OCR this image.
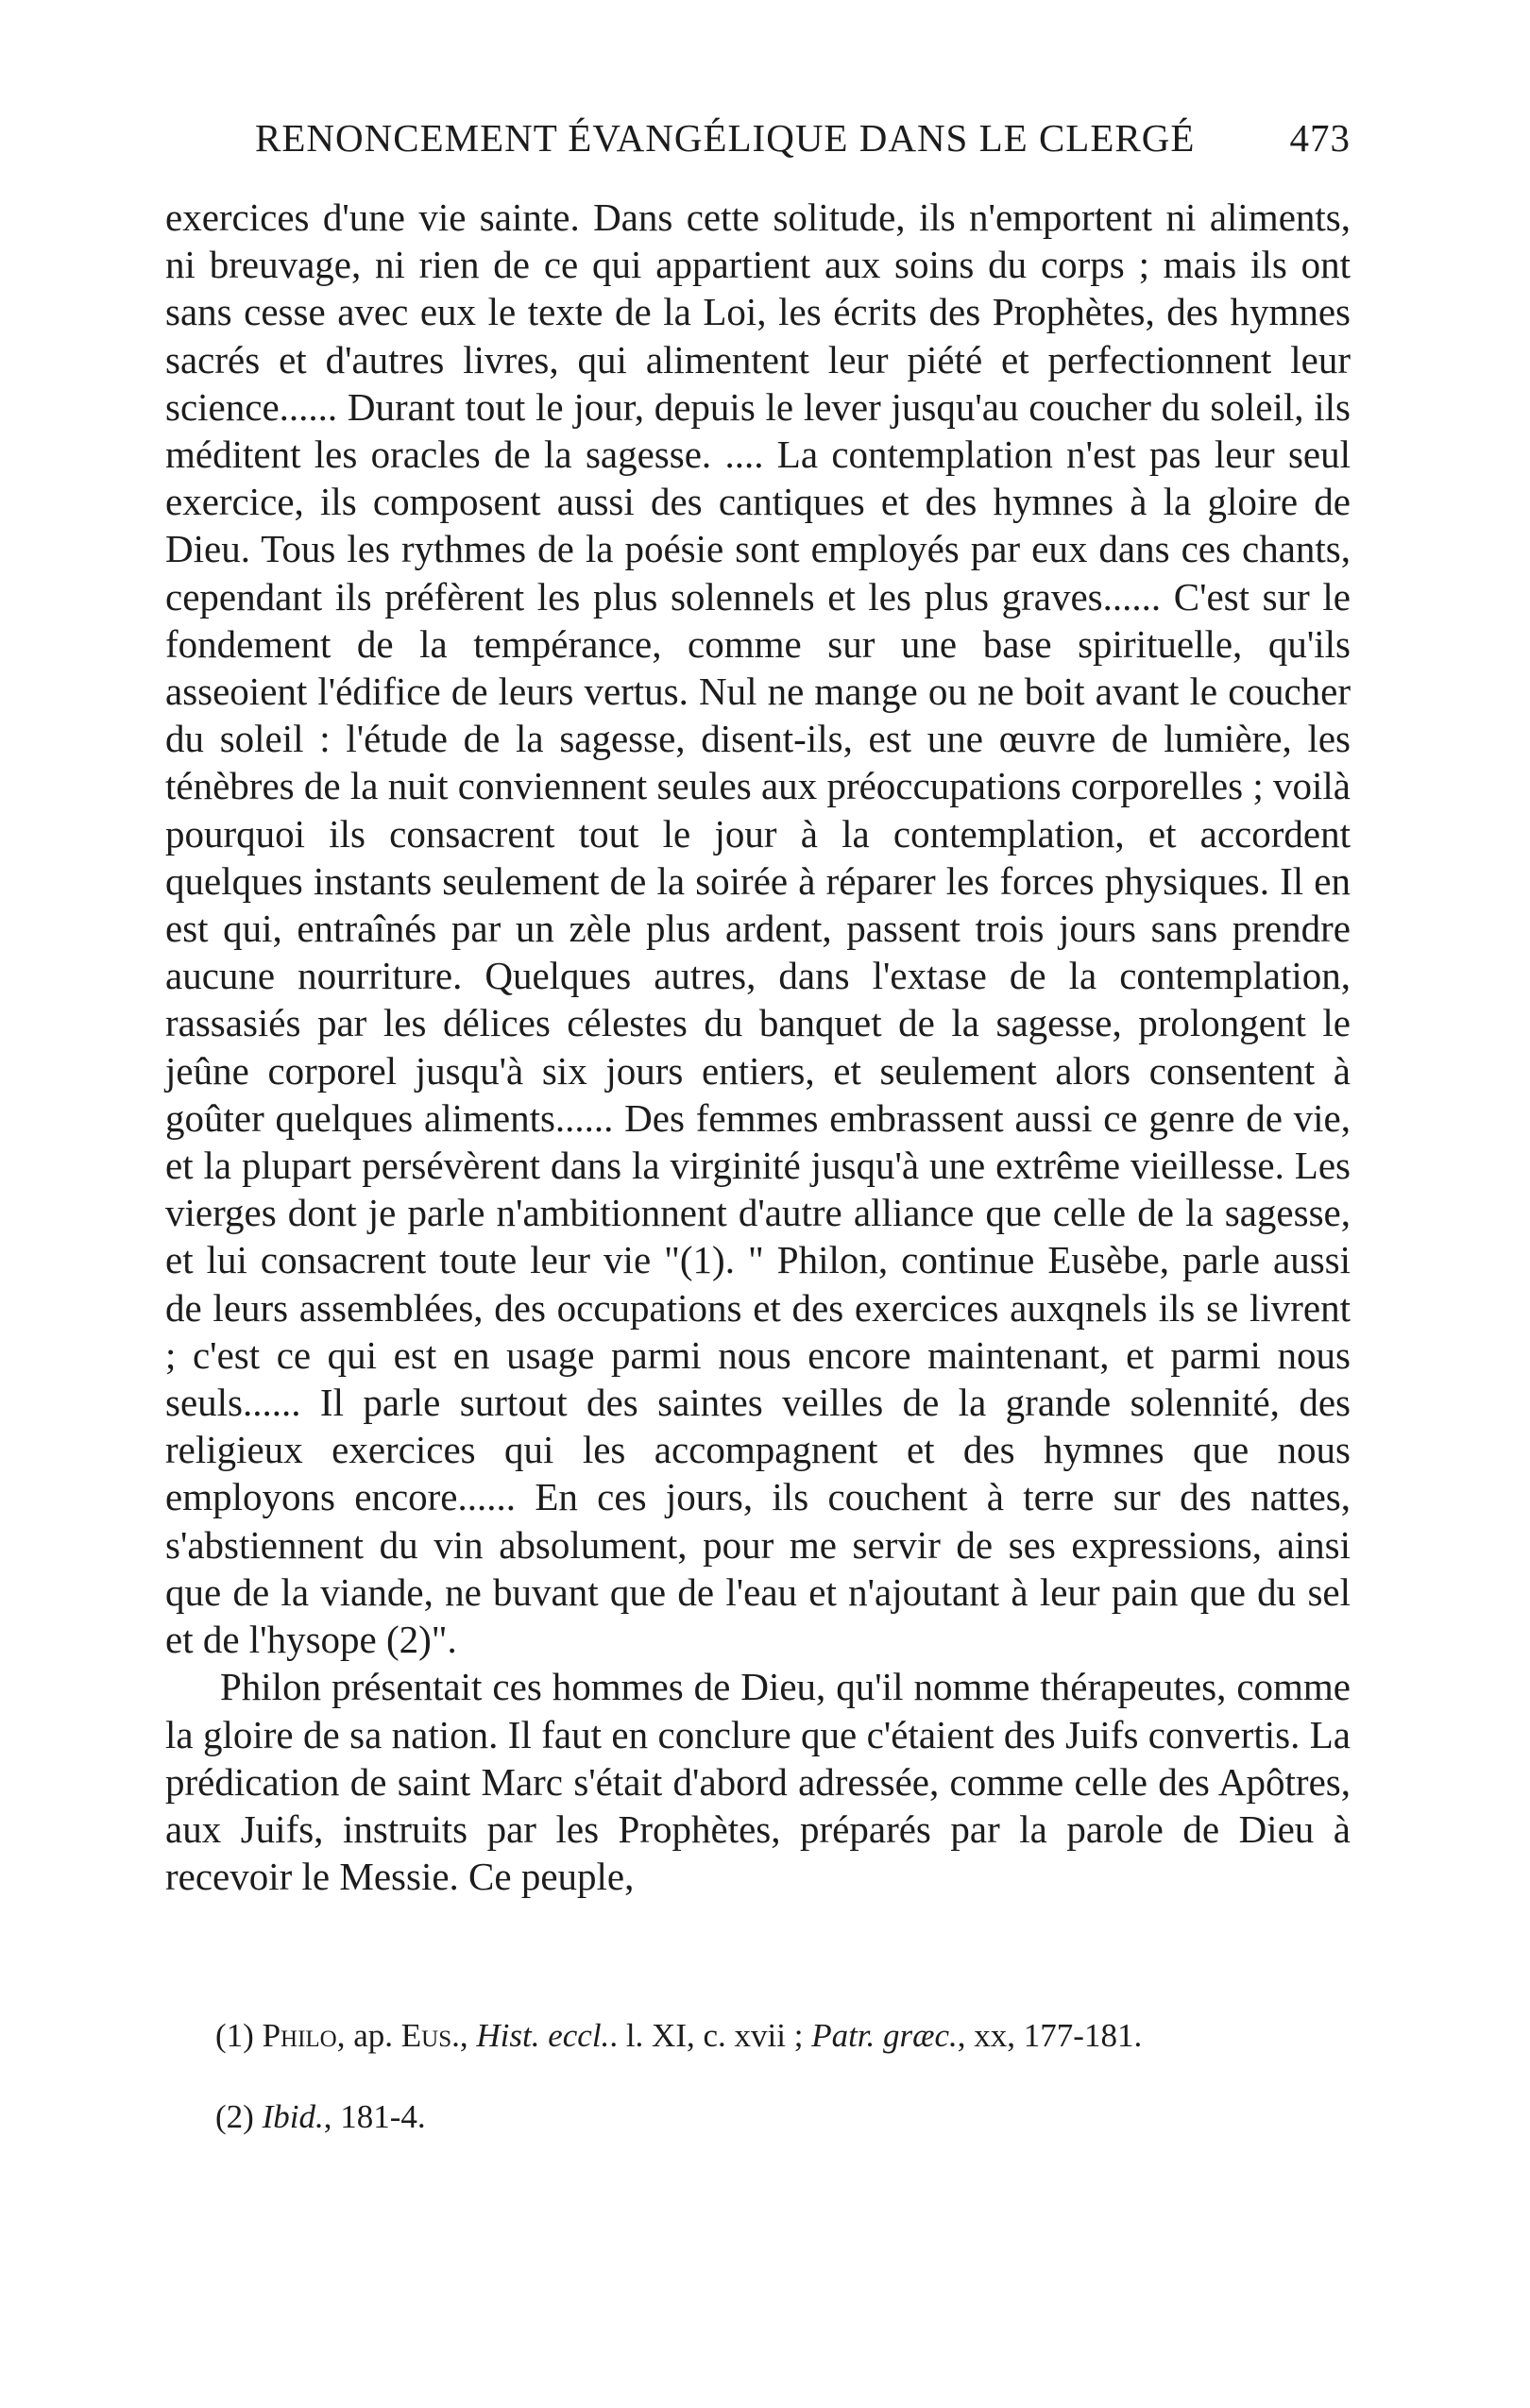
RENONCEMENT ÉVANGÉLIQUE DANS LE CLERGÉ 473

exercices d'une vie sainte. Dans cette solitude, ils n'emportent ni aliments, ni breuvage, ni rien de ce qui appartient aux soins du corps ; mais ils ont sans cesse avec eux le texte de la Loi, les écrits des Prophètes, des hymnes sacrés et d'autres livres, qui alimentent leur piété et perfectionnent leur science...... Durant tout le jour, depuis le lever jusqu'au coucher du soleil, ils méditent les oracles de la sagesse. .... La contemplation n'est pas leur seul exercice, ils composent aussi des cantiques et des hymnes à la gloire de Dieu. Tous les rythmes de la poésie sont employés par eux dans ces chants, cependant ils préfèrent les plus solennels et les plus graves...... C'est sur le fondement de la tempérance, comme sur une base spirituelle, qu'ils asseoient l'édifice de leurs vertus. Nul ne mange ou ne boit avant le coucher du soleil : l'étude de la sagesse, disent-ils, est une œuvre de lumière, les ténèbres de la nuit conviennent seules aux préoccupations corporelles ; voilà pourquoi ils consacrent tout le jour à la contemplation, et accordent quelques instants seulement de la soirée à réparer les forces physiques. Il en est qui, entraînés par un zèle plus ardent, passent trois jours sans prendre aucune nourriture. Quelques autres, dans l'extase de la contemplation, rassasiés par les délices célestes du banquet de la sagesse, prolongent le jeûne corporel jusqu'à six jours entiers, et seulement alors consentent à goûter quelques aliments...... Des femmes embrassent aussi ce genre de vie, et la plupart persévèrent dans la virginité jusqu'à une extrême vieillesse. Les vierges dont je parle n'ambitionnent d'autre alliance que celle de la sagesse, et lui consacrent toute leur vie "(1). " Philon, continue Eusèbe, parle aussi de leurs assemblées, des occupations et des exercices auxqnels ils se livrent ; c'est ce qui est en usage parmi nous encore maintenant, et parmi nous seuls...... Il parle surtout des saintes veilles de la grande solennité, des religieux exercices qui les accompagnent et des hymnes que nous employons encore...... En ces jours, ils couchent à terre sur des nattes, s'abstiennent du vin absolument, pour me servir de ses expressions, ainsi que de la viande, ne buvant que de l'eau et n'ajoutant à leur pain que du sel et de l'hysope (2)".

Philon présentait ces hommes de Dieu, qu'il nomme thérapeutes, comme la gloire de sa nation. Il faut en conclure que c'étaient des Juifs convertis. La prédication de saint Marc s'était d'abord adressée, comme celle des Apôtres, aux Juifs, instruits par les Prophètes, préparés par la parole de Dieu à recevoir le Messie. Ce peuple,

(1) Philo, ap. Eus., Hist. eccl.. l. XI, c. xvii ; Patr. græc., xx, 177-181.

(2) Ibid., 181-4.
